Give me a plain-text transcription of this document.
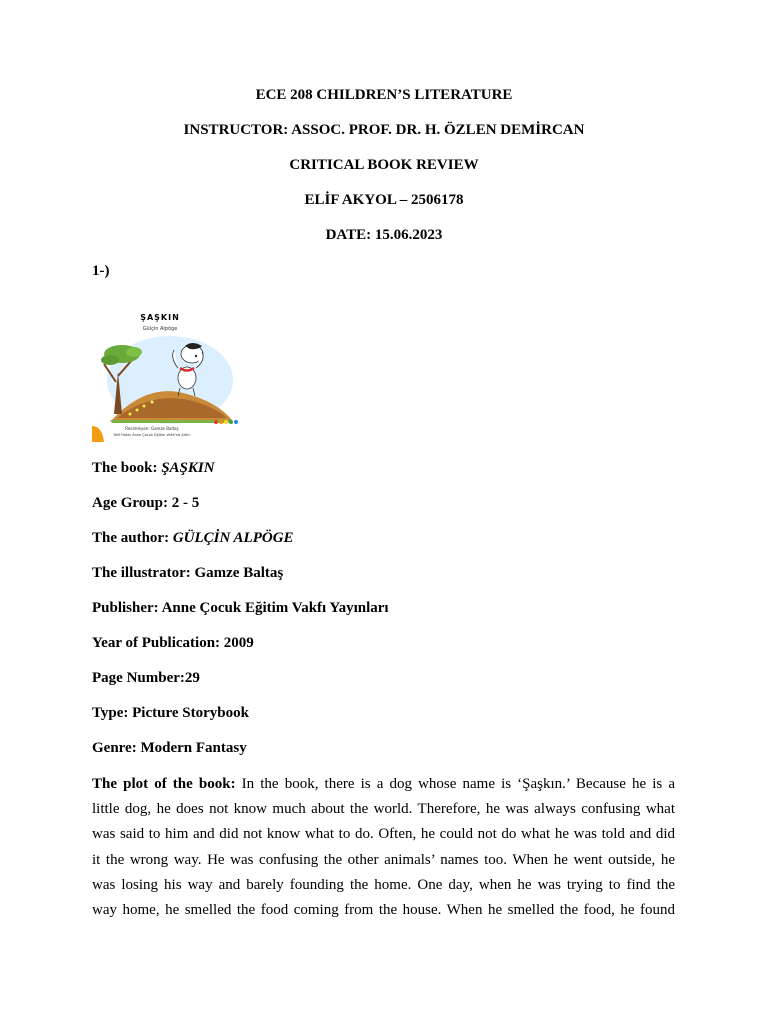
ECE 208 CHILDREN’S LITERATURE
INSTRUCTOR: ASSOC. PROF. DR. H. ÖZLEN DEMİRCAN
CRITICAL BOOK REVIEW
ELİF AKYOL – 2506178
DATE: 15.06.2023
1-)
ŞAŞKIN
Gülçin Alpöge
Resimleyen: Gamze Baltaş
Telif Hakkı Anne Çocuk Eğitim Vakfı'na Aittir.
The book: ŞAŞKIN
Age Group: 2 - 5
The author: GÜLÇİN ALPÖGE
The illustrator: Gamze Baltaş
Publisher: Anne Çocuk Eğitim Vakfı Yayınları
Year of Publication: 2009
Page Number:29
Type: Picture Storybook
Genre: Modern Fantasy
The plot of the book: In the book, there is a dog whose name is ‘Şaşkın.’ Because he is a
little dog, he does not know much about the world. Therefore, he was always confusing what
was said to him and did not know what to do. Often, he could not do what he was told and did
it the wrong way. He was confusing the other animals’ names too. When he went outside, he
was losing his way and barely founding the home. One day, when he was trying to find the
way home, he smelled the food coming from the house. When he smelled the food, he found
